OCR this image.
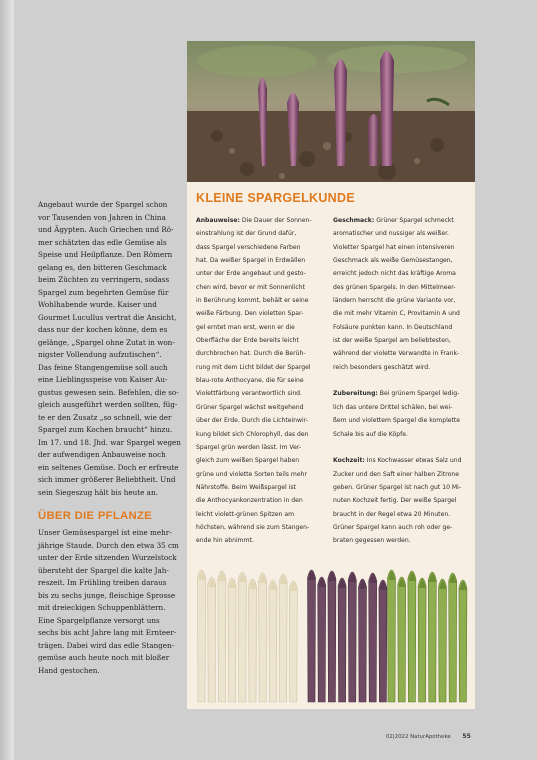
KLEINE SPARGELKUNDE

Anbauweise: Die Dauer der Sonnen-
einstrahlung ist der Grund dafür,
dass Spargel verschiedene Farben
hat. Da weißer Spargel in Erdwällen
unter der Erde angebaut und gesto-
chen wird, bevor er mit Sonnenlicht
in Berührung kommt, behält er seine
weiße Färbung. Den violetten Spar-
gel erntet man erst, wenn er die
Oberfläche der Erde bereits leicht
durchbrochen hat. Durch die Berüh-
rung mit dem Licht bildet der Spargel
blau-rote Anthocyane, die für seine
Violettfärbung verantwortlich sind.
Grüner Spargel wächst weitgehend
über der Erde. Durch die Lichteinwir-
kung bildet sich Chlorophyll, das den
Spargel grün werden lässt. Im Ver-
gleich zum weißen Spargel haben
grüne und violette Sorten teils mehr
Nährstoffe. Beim Weißspargel ist
die Anthocyankonzentration in den
leicht violett-grünen Spitzen am
höchsten, während sie zum Stangen-
ende hin abnimmt.

Geschmack: Grüner Spargel schmeckt
aromatischer und nussiger als weißer.
Violetter Spargel hat einen intensiveren
Geschmack als weiße Gemüsestangen,
erreicht jedoch nicht das kräftige Aroma
des grünen Spargels. In den Mittelmeer-
ländern herrscht die grüne Variante vor,
die mit mehr Vitamin C, Provitamin A und
Folsäure punkten kann. In Deutschland
ist der weiße Spargel am beliebtesten,
während der violette Verwandte in Frank-
reich besonders geschätzt wird.

Zubereitung: Bei grünem Spargel ledig-
lich das untere Drittel schälen, bei wei-
ßem und violettem Spargel die komplette
Schale bis auf die Köpfe.

Kochzeit: Ins Kochwasser etwas Salz und
Zucker und den Saft einer halben Zitrone
geben. Grüner Spargel ist nach gut 10 Mi-
nuten Kochzeit fertig. Der weiße Spargel
braucht in der Regel etwa 20 Minuten.
Grüner Spargel kann auch roh oder ge-
braten gegessen werden.

Angebaut wurde der Spargel schon
vor Tausenden von Jahren in China
und Ägypten. Auch Griechen und Rö-
mer schätzten das edle Gemüse als
Speise und Heilpflanze. Den Römern
gelang es, den bitteren Geschmack
beim Züchten zu verringern, sodass
Spargel zum begehrten Gemüse für
Wohlhabende wurde. Kaiser und
Gourmet Lucullus vertrat die Ansicht,
dass nur der kochen könne, dem es
gelänge, „Spargel ohne Zutat in won-
nigster Vollendung aufzutischen“.
Das feine Stangengemüse soll auch
eine Lieblingsspeise von Kaiser Au-
gustus gewesen sein. Befehlen, die so-
gleich ausgeführt werden sollten, füg-
te er den Zusatz „so schnell, wie der
Spargel zum Kochen braucht“ hinzu.
Im 17. und 18. Jhd. war Spargel wegen
der aufwendigen Anbauweise noch
ein seltenes Gemüse. Doch er erfreute
sich immer größerer Beliebtheit. Und
sein Siegeszug hält bis heute an.
ÜBER DIE PFLANZE
Unser Gemüsespargel ist eine mehr-
jährige Staude. Durch den etwa 35 cm
unter der Erde sitzenden Wurzelstock
übersteht der Spargel die kalte Jah-
reszeit. Im Frühling treiben daraus
bis zu sechs junge, fleischige Sprosse
mit dreieckigen Schuppenblättern.
Eine Spargelpflanze versorgt uns
sechs bis acht Jahre lang mit Ernteer-
trägen. Dabei wird das edle Stangen-
gemüse auch heute noch mit bloßer
Hand gestochen.
02|2022 NaturApotheke 55
